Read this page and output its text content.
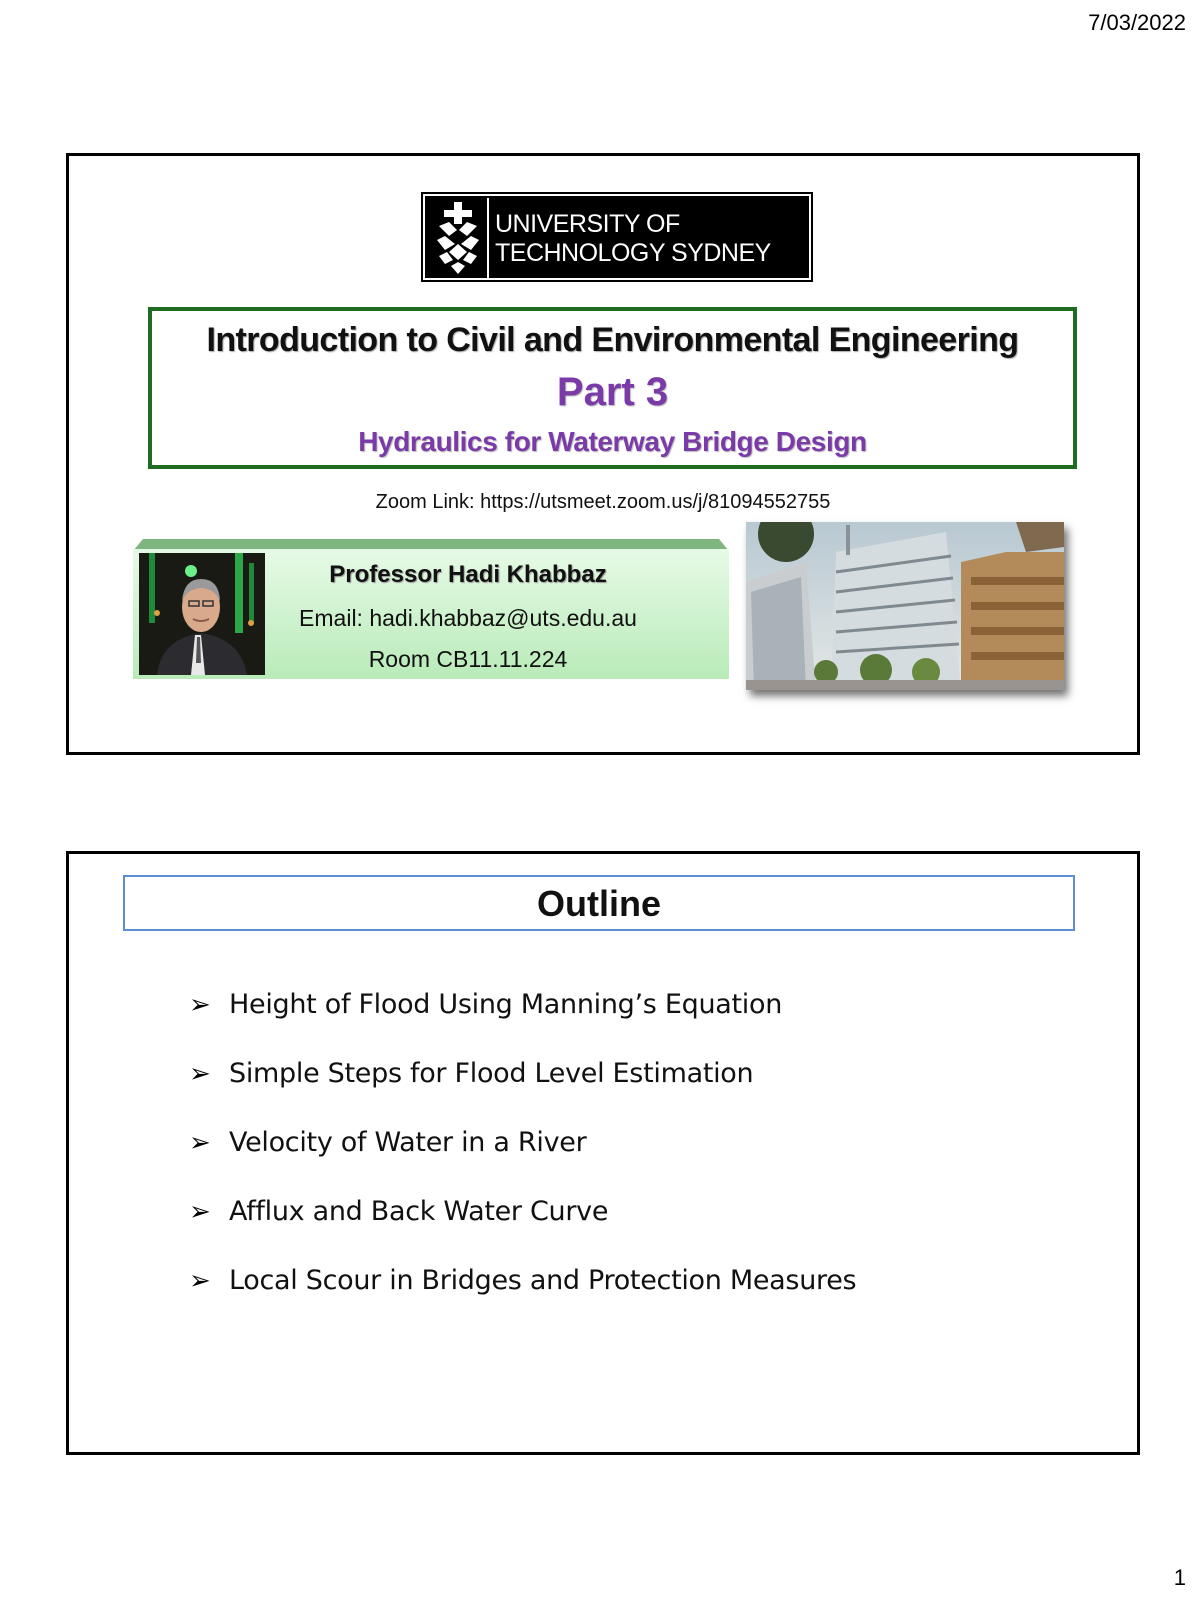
7/03/2022
UNIVERSITY OF
TECHNOLOGY SYDNEY
Introduction to Civil and Environmental Engineering
Part 3
Hydraulics for Waterway Bridge Design
Zoom Link: https://utsmeet.zoom.us/j/81094552755
Professor Hadi Khabbaz
Email: hadi.khabbaz@uts.edu.au
Room CB11.11.224
Outline
➢ Height of Flood Using Manning’s Equation
➢ Simple Steps for Flood Level Estimation
➢ Velocity of Water in a River
➢ Afflux and Back Water Curve
➢ Local Scour in Bridges and Protection Measures
1
